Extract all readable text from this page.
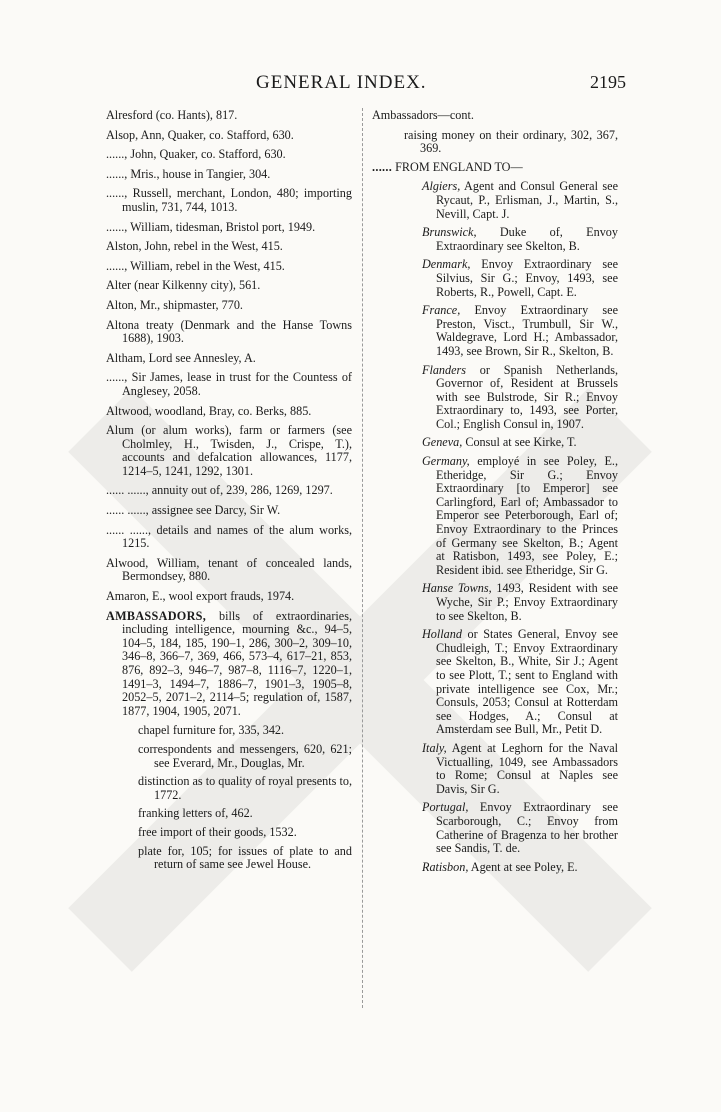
GENERAL INDEX.	2195
Alresford (co. Hants), 817.
Alsop, Ann, Quaker, co. Stafford, 630.
......, John, Quaker, co. Stafford, 630.
......, Mris., house in Tangier, 304.
......, Russell, merchant, London, 480; importing muslin, 731, 744, 1013.
......, William, tidesman, Bristol port, 1949.
Alston, John, rebel in the West, 415.
......, William, rebel in the West, 415.
Alter (near Kilkenny city), 561.
Alton, Mr., shipmaster, 770.
Altona treaty (Denmark and the Hanse Towns 1688), 1903.
Altham, Lord see Annesley, A.
......, Sir James, lease in trust for the Countess of Anglesey, 2058.
Altwood, woodland, Bray, co. Berks, 885.
Alum (or alum works), farm or farmers (see Cholmley, H., Twisden, J., Crispe, T.), accounts and defalcation allowances, 1177, 1214–5, 1241, 1292, 1301.
...... ......, annuity out of, 239, 286, 1269, 1297.
...... ......, assignee see Darcy, Sir W.
...... ......, details and names of the alum works, 1215.
Alwood, William, tenant of concealed lands, Bermondsey, 880.
Amaron, E., wool export frauds, 1974.
AMBASSADORS, bills of extraordinaries, including intelligence, mourning &c., 94–5, 104–5, 184, 185, 190–1, 286, 300–2, 309–10, 346–8, 366–7, 369, 466, 573–4, 617–21, 853, 876, 892–3, 946–7, 987–8, 1116–7, 1220–1, 1491–3, 1494–7, 1886–7, 1901–3, 1905–8, 2052–5, 2071–2, 2114–5; regulation of, 1587, 1877, 1904, 1905, 2071.
chapel furniture for, 335, 342.
correspondents and messengers, 620, 621; see Everard, Mr., Douglas, Mr.
distinction as to quality of royal presents to, 1772.
franking letters of, 462.
free import of their goods, 1532.
plate for, 105; for issues of plate to and return of same see Jewel House.
Ambassadors—cont.
raising money on their ordinary, 302, 367, 369.
...... FROM ENGLAND TO—
Algiers, Agent and Consul General see Rycaut, P., Erlisman, J., Martin, S., Nevill, Capt. J.
Brunswick, Duke of, Envoy Extraordinary see Skelton, B.
Denmark, Envoy Extraordinary see Silvius, Sir G.; Envoy, 1493, see Roberts, R., Powell, Capt. E.
France, Envoy Extraordinary see Preston, Visct., Trumbull, Sir W., Waldegrave, Lord H.; Ambassador, 1493, see Brown, Sir R., Skelton, B.
Flanders or Spanish Netherlands, Governor of, Resident at Brussels with see Bulstrode, Sir R.; Envoy Extraordinary to, 1493, see Porter, Col.; English Consul in, 1907.
Geneva, Consul at see Kirke, T.
Germany, employé in see Poley, E., Etheridge, Sir G.; Envoy Extraordinary [to Emperor] see Carlingford, Earl of; Ambassador to Emperor see Peterborough, Earl of; Envoy Extraordinary to the Princes of Germany see Skelton, B.; Agent at Ratisbon, 1493, see Poley, E.; Resident ibid. see Etheridge, Sir G.
Hanse Towns, 1493, Resident with see Wyche, Sir P.; Envoy Extraordinary to see Skelton, B.
Holland or States General, Envoy see Chudleigh, T.; Envoy Extraordinary see Skelton, B., White, Sir J.; Agent to see Plott, T.; sent to England with private intelligence see Cox, Mr.; Consuls, 2053; Consul at Rotterdam see Hodges, A.; Consul at Amsterdam see Bull, Mr., Petit D.
Italy, Agent at Leghorn for the Naval Victualling, 1049, see Ambassadors to Rome; Consul at Naples see Davis, Sir G.
Portugal, Envoy Extraordinary see Scarborough, C.; Envoy from Catherine of Bragenza to her brother see Sandis, T. de.
Ratisbon, Agent at see Poley, E.
